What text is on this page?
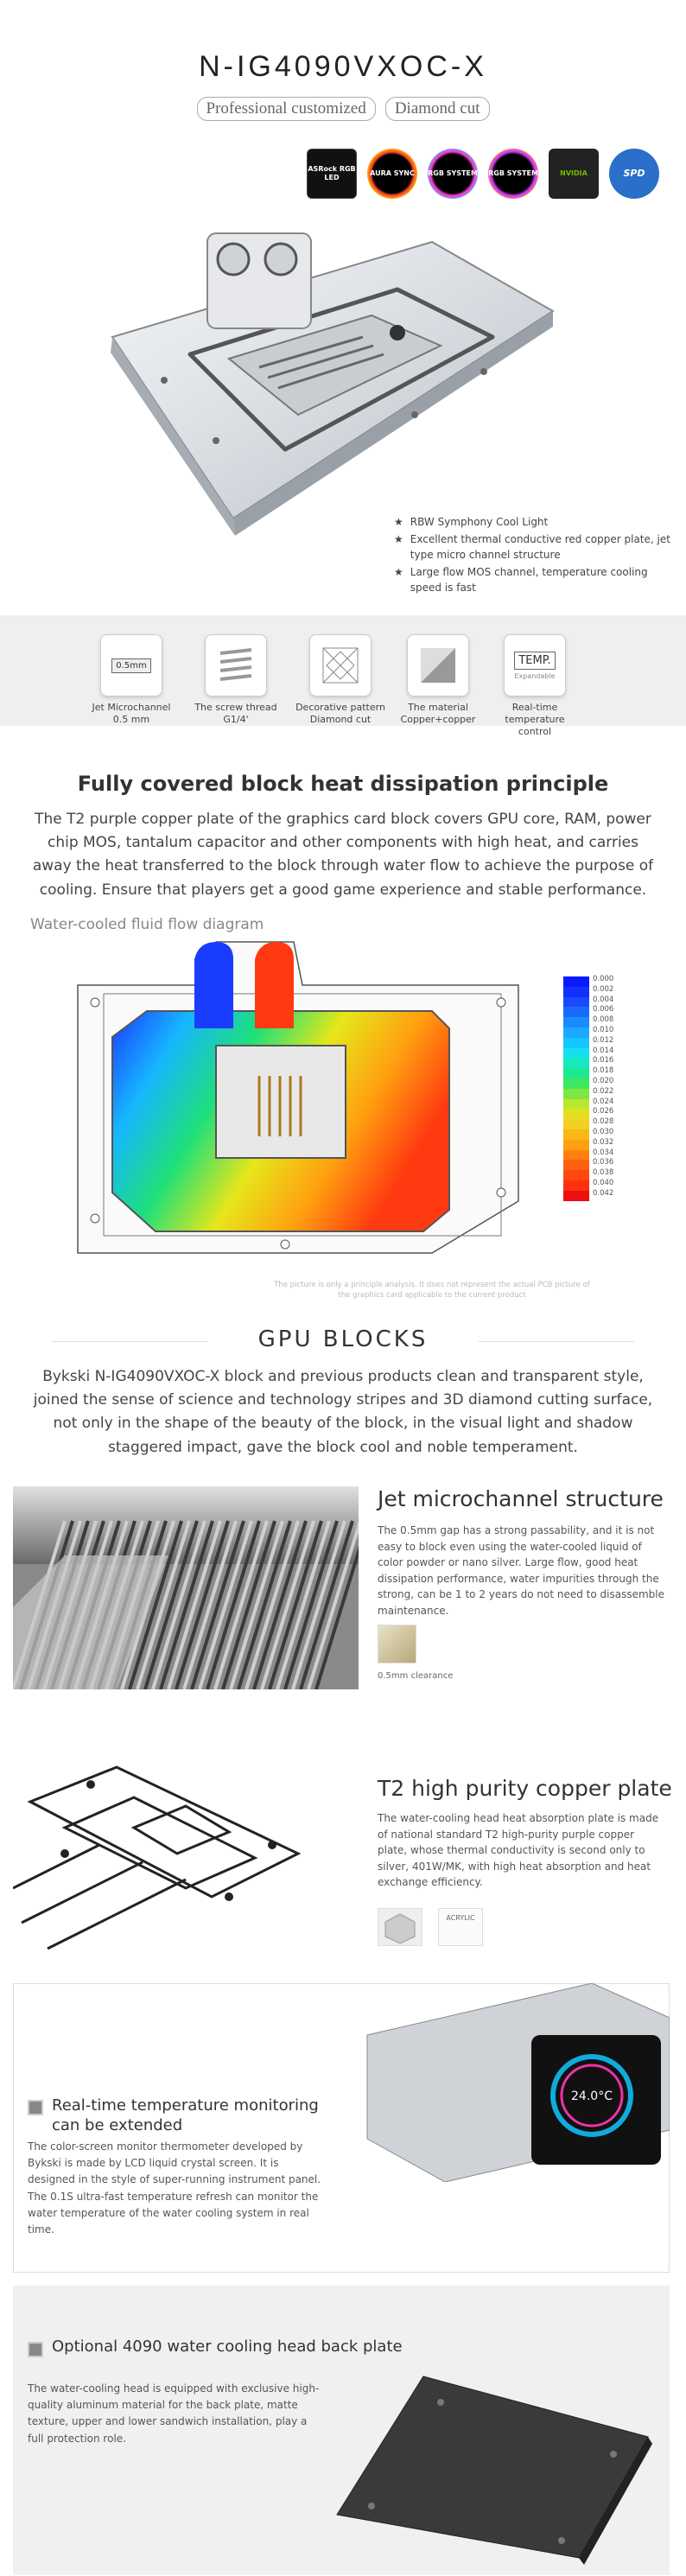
N-IG4090VXOC-X
Professional customized Diamond cut
ASRock RGB LED
AURA SYNC	RGB SYSTEM RGB SYSTEM	NVIDIA	SPD
★ RBW Symphony Cool Light
★ Excellent thermal conductive red copper plate, jet type micro channel structure
★ Large flow MOS channel, temperature cooling speed is fast
0.5mm
Jet Microchannel 0.5 mm
The screw thread G1/4'
Decorative pattern Diamond cut
The material Copper+copper
TEMP.
Expandable
Real-time temperature control
Fully covered block heat dissipation principle
The T2 purple copper plate of the graphics card block covers GPU core, RAM, power chip MOS, tantalum capacitor and other components with high heat, and carries away the heat transferred to the block through water flow to achieve the purpose of cooling. Ensure that players get a good game experience and stable performance.
Water-cooled fluid flow diagram
0.000
0.002
0.004
0.006
0.008
0.010
0.012
0.014
0.016
0.018
0.020
0.022
0.024
0.026
0.028
0.030
0.032
0.034
0.036
0.038
0.040
0.042
The picture is only a principle analysis. It does not represent the actual PCB picture of the graphics card applicable to the current product
GPU BLOCKS
Bykski N-IG4090VXOC-X block and previous products clean and transparent style, joined the sense of science and technology stripes and 3D diamond cutting surface, not only in the shape of the beauty of the block, in the visual light and shadow staggered impact, gave the block cool and noble temperament.
Jet microchannel structure
The 0.5mm gap has a strong passability, and it is not easy to block even using the water-cooled liquid of color powder or nano silver. Large flow, good heat dissipation performance, water impurities through the strong, can be 1 to 2 years do not need to disassemble maintenance.
0.5mm clearance
T2 high purity copper plate
The water-cooling head heat absorption plate is made of national standard T2 high-purity purple copper plate, whose thermal conductivity is second only to silver, 401W/MK, with high heat absorption and heat exchange efficiency.
ACRYLIC
24.0°C
Real-time temperature monitoring can be extended
The color-screen monitor thermometer developed by Bykski is made by LCD liquid crystal screen. It is designed in the style of super-running instrument panel. The 0.1S ultra-fast temperature refresh can monitor the water temperature of the water cooling system in real time.
Optional 4090 water cooling head back plate
The water-cooling head is equipped with exclusive high-quality aluminum material for the back plate, matte texture, upper and lower sandwich installation, play a full protection role.
